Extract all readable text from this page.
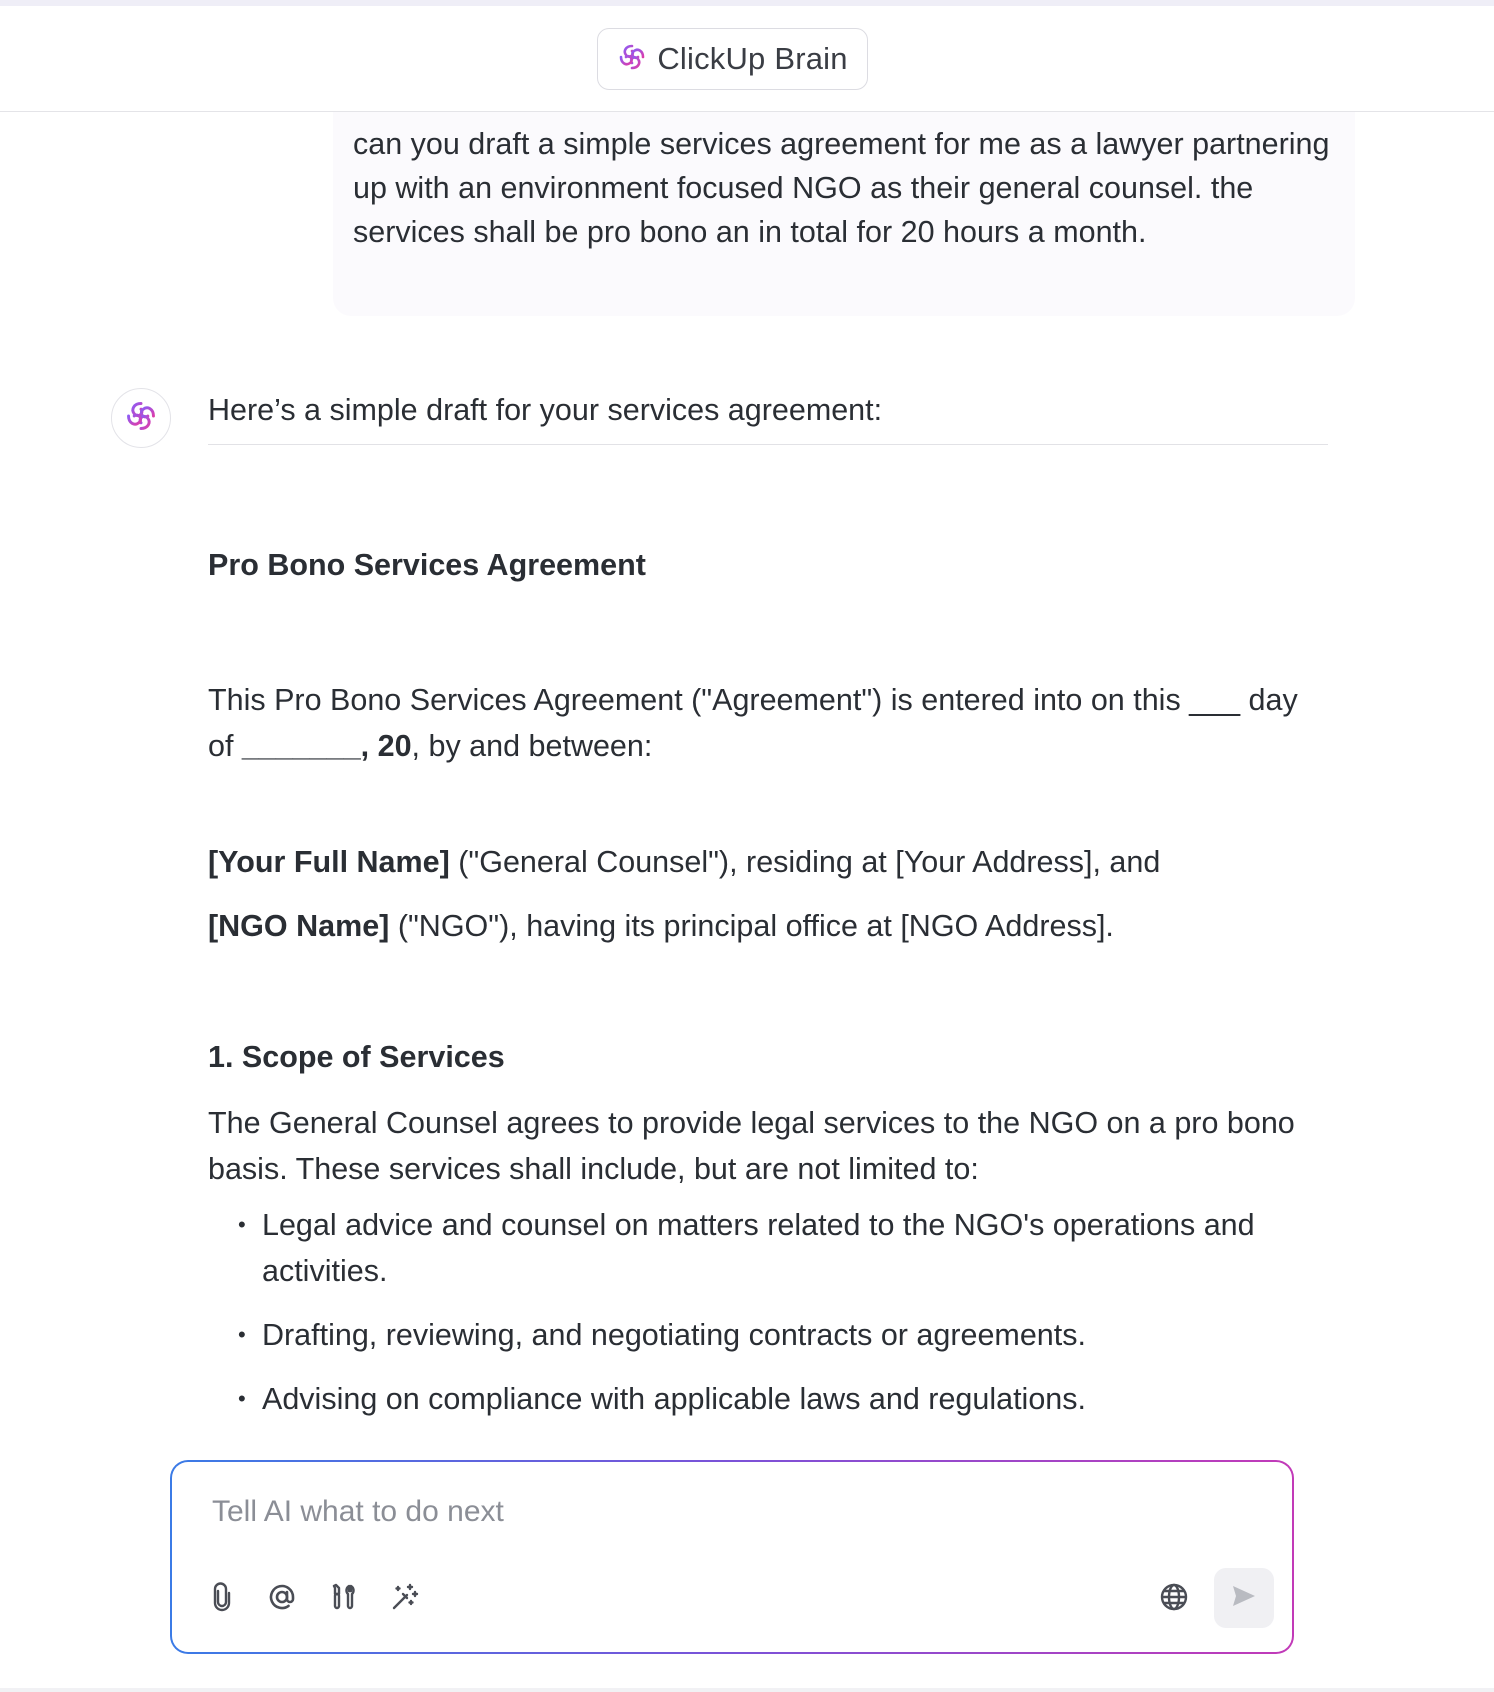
ClickUp Brain

can you draft a simple services agreement for me as a lawyer partnering up with an environment focused NGO as their general counsel. the services shall be pro bono an in total for 20 hours a month.

Here’s a simple draft for your services agreement:
Pro Bono Services Agreement
This Pro Bono Services Agreement ("Agreement") is entered into on this ___ day of _______, 20, by and between:
[Your Full Name] ("General Counsel"), residing at [Your Address], and
[NGO Name] ("NGO"), having its principal office at [NGO Address].
1. Scope of Services
The General Counsel agrees to provide legal services to the NGO on a pro bono basis. These services shall include, but are not limited to:
• Legal advice and counsel on matters related to the NGO's operations and activities.
• Drafting, reviewing, and negotiating contracts or agreements.
• Advising on compliance with applicable laws and regulations.
Tell AI what to do next
